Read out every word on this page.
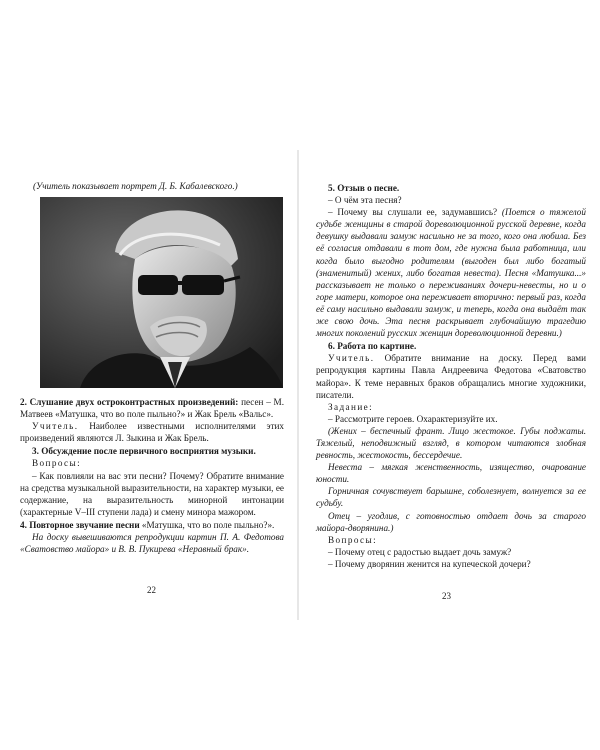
(Учитель показывает портрет Д. Б. Кабалевского.)

2. Слушание двух остроконтрастных произведений: песен – М. Матвеев «Матушка, что во поле пыльно?» и Жак Брель «Вальс».

Учитель. Наиболее известными исполнителями этих произведений являются Л. Зыкина и Жак Брель.

3. Обсуждение после первичного восприятия музыки.

Вопросы:

– Как повлияли на вас эти песни? Почему? Обратите внимание на средства музыкальной выразительности, на характер музыки, ее содержание, на выразительность минорной интонации (характерные V–III ступени лада) и смену минора мажором.

4. Повторное звучание песни «Матушка, что во поле пыльно?».

На доску вывешиваются репродукции картин П. А. Федотова «Сватовство майора» и В. В. Пукирева «Неравный брак».

22

5. Отзыв о песне.

– О чём эта песня?

– Почему вы слушали ее, задумавшись? (Поется о тяжелой судьбе женщины в старой дореволюционной русской деревне, когда девушку выдавали замуж насильно не за того, кого она любила. Без её согласия отдавали в тот дом, где нужна была работница, или когда было выгодно родителям (выгоден был либо богатый (знаменитый) жених, либо богатая невеста). Песня «Матушка...» рассказывает не только о переживаниях дочери-невесты, но и о горе матери, которое она переживает вторично: первый раз, когда её саму насильно выдавали замуж, и теперь, когда она выдаёт так же свою дочь. Эта песня раскрывает глубочайшую трагедию многих поколений русских женщин дореволюционной деревни.)

6. Работа по картине.

Учитель. Обратите внимание на доску. Перед вами репродукция картины Павла Андреевича Федотова «Сватовство майора». К теме неравных браков обращались многие художники, писатели.

Задание:

– Рассмотрите героев. Охарактеризуйте их.

(Жених – беспечный франт. Лицо жестокое. Губы поджаты. Тяжелый, неподвижный взгляд, в котором читаются злобная ревность, жестокость, бессердечие.

Невеста – мягкая женственность, изящество, очарование юности.

Горничная сочувствует барышне, соболезнует, волнуется за ее судьбу.

Отец – угодлив, с готовностью отдает дочь за старого майора-дворянина.)

Вопросы:

– Почему отец с радостью выдает дочь замуж?

– Почему дворянин женится на купеческой дочери?

23
